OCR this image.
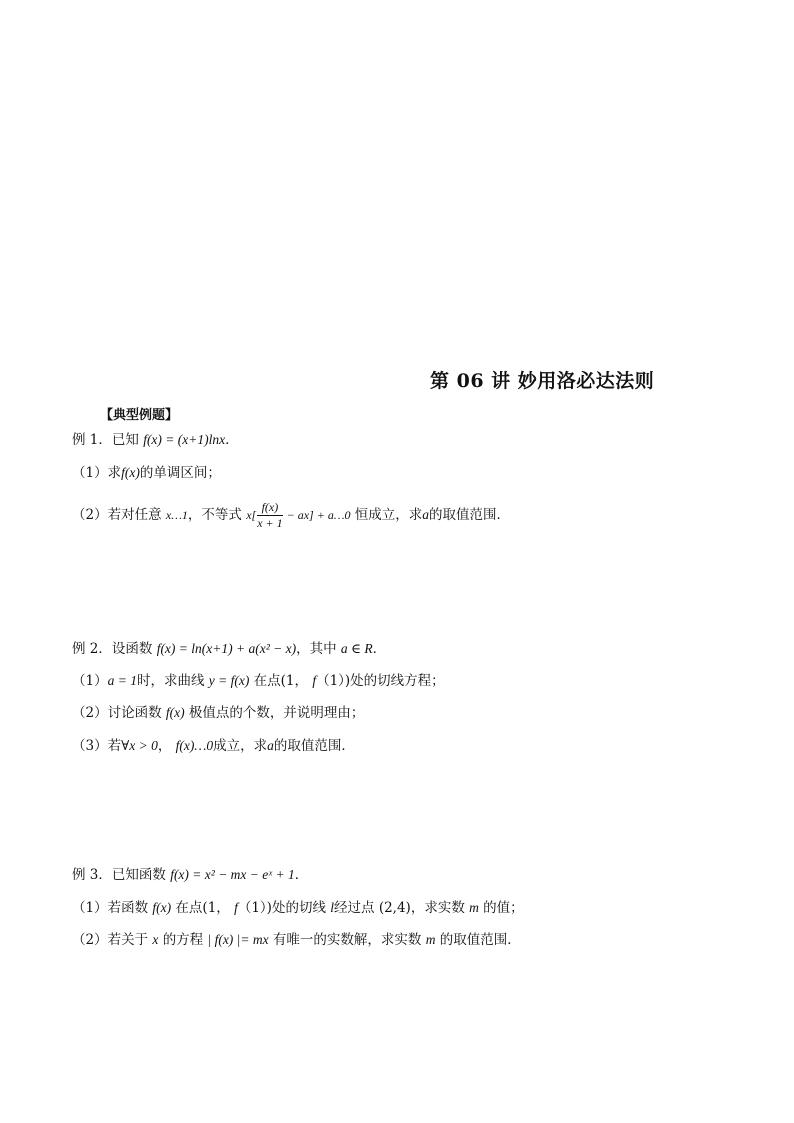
第 06 讲 妙用洛必达法则
【典型例题】
例 1．已知 f(x) = (x+1)lnx．
（1）求f(x)的单调区间；
（2）若对任意 x…1，不等式 $x[ \frac{f(x)}{x + 1} - ax]$ + a…0 恒成立，求a的取值范围．
例 2．设函数 f(x) = ln(x+1) + a(x² − x)，其中 a ∈ R．
（1）a = 1时，求曲线 y = f(x) 在点(1， f（1）)处的切线方程；
（2）讨论函数 f(x) 极值点的个数，并说明理由；
（3）若∀x > 0， f(x)…0成立，求a的取值范围．
例 3．已知函数 f(x) = x² − mx − eˣ + 1．
（1）若函数 f(x) 在点(1， f（1）)处的切线 l经过点 (2,4)，求实数 m 的值；
（2）若关于 x 的方程 | f(x) |= mx 有唯一的实数解，求实数 m 的取值范围．
